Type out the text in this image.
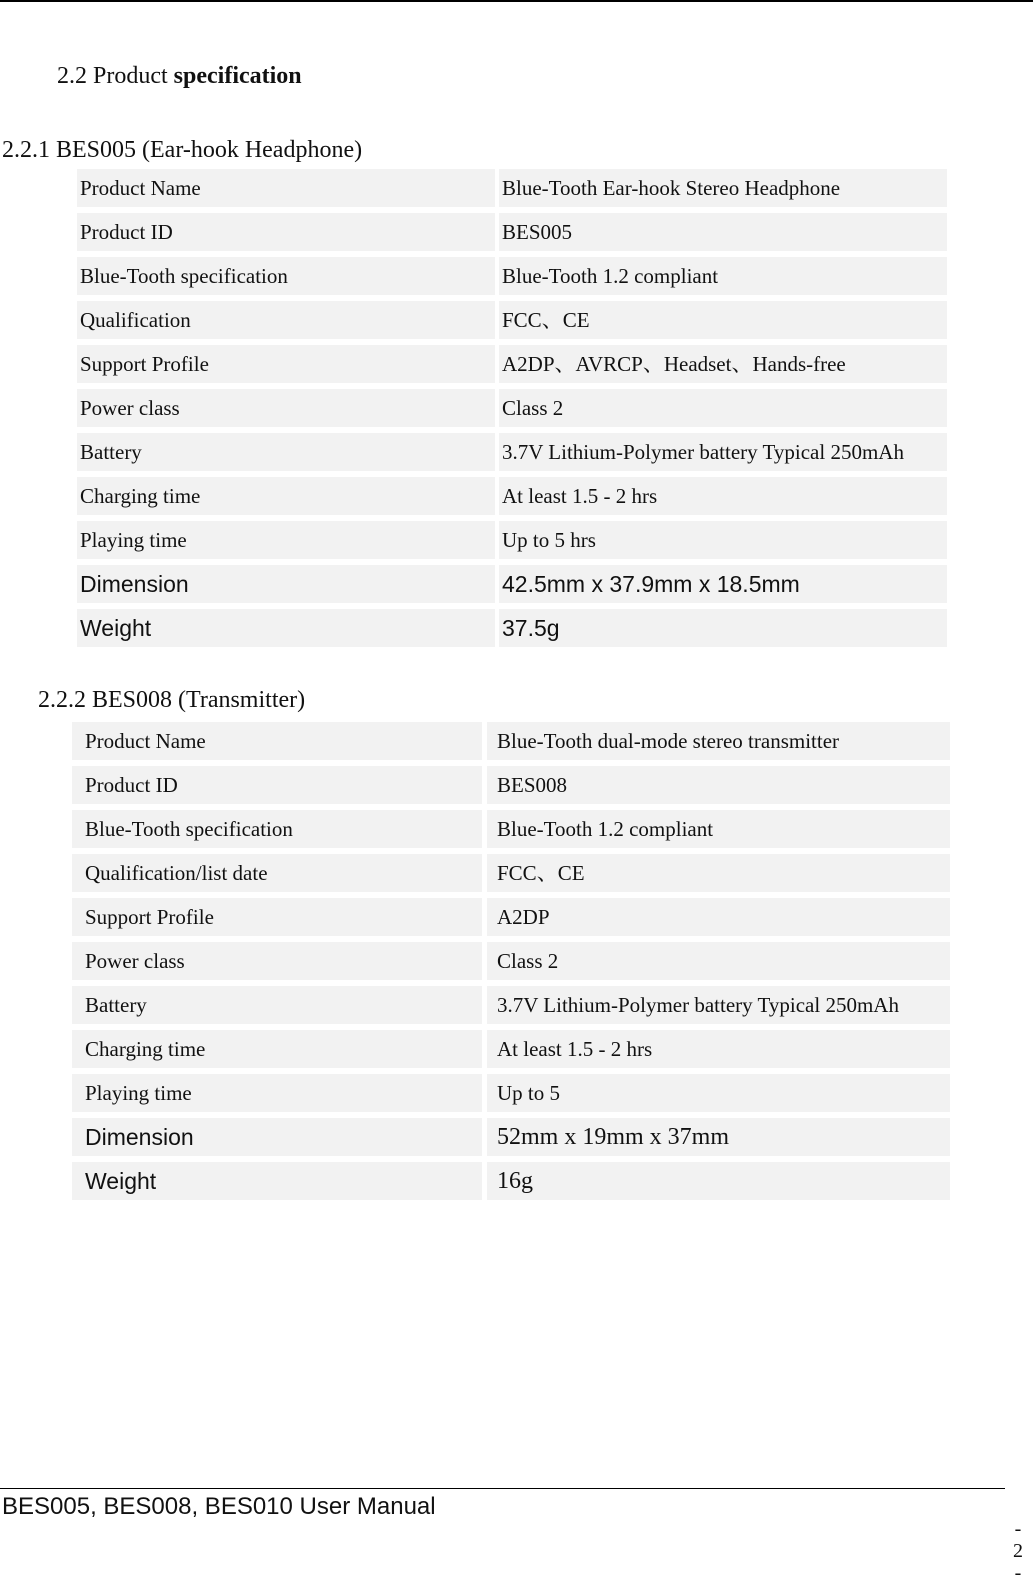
2.2 Product specification
2.2.1 BES005 (Ear-hook Headphone)
Product Name	Blue-Tooth Ear-hook Stereo Headphone
Product ID	BES005
Blue-Tooth specification	Blue-Tooth 1.2 compliant
Qualification	FCC、CE
Support Profile	A2DP、AVRCP、Headset、Hands-free
Power class	Class 2
Battery	3.7V Lithium-Polymer battery Typical 250mAh
Charging time	At least 1.5 - 2 hrs
Playing time	Up to 5 hrs
Dimension	42.5mm x 37.9mm x 18.5mm
Weight	37.5g
2.2.2 BES008 (Transmitter)
Product Name	Blue-Tooth dual-mode stereo transmitter
Product ID	BES008
Blue-Tooth specification	Blue-Tooth 1.2 compliant
Qualification/list date	FCC、CE
Support Profile	A2DP
Power class	Class 2
Battery	3.7V Lithium-Polymer battery Typical 250mAh
Charging time	At least 1.5 - 2 hrs
Playing time	Up to 5
Dimension	52mm x 19mm x 37mm
Weight	16g
BES005, BES008, BES010 User Manual
-
2
-
